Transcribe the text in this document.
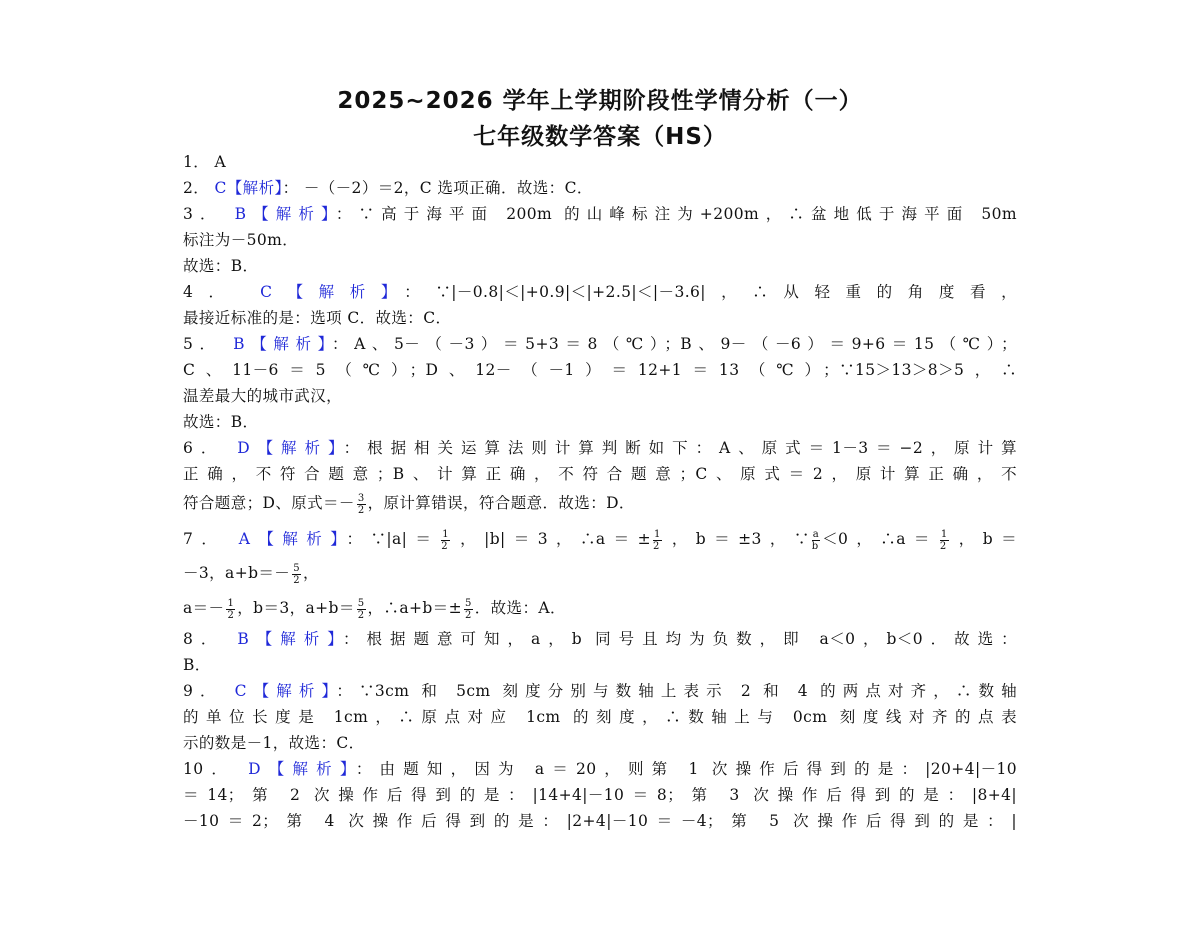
2025~2026 学年上学期阶段性学情分析（一）
七年级数学答案（HS）
1． A
2． C【解析】： －（－2）＝2，C 选项正确．故选：C．
3． B【解析】：∵高于海平面 200m 的山峰标注为+200m，∴盆地低于海平面 50m
标注为－50m．
故选：B．
4． C【解析】：∵|－0.8|＜|+0.9|＜|+2.5|＜|－3.6|，∴从轻重的角度看，
最接近标准的是：选项 C．故选：C．
5． B【解析】：A、5－（－3）＝5+3＝8（℃）；B、9－（－6）＝9+6＝15（℃）；
C、11－6＝5（℃）；D、12－（－1）＝12+1＝13（℃）；∵15＞13＞8＞5，∴
温差最大的城市武汉，
故选：B．
6． D【解析】：根据相关运算法则计算判断如下：A、原式＝1－3＝−2，原计算
正确，不符合题意；B、计算正确，不符合题意；C、原式＝2，原计算正确，不
符合题意；D、原式＝－ $\frac{3}{2}$ ，原计算错误，符合题意．故选：D．
7． A【解析】：∵|a|＝ $\frac{1}{2}$ ，|b|＝3，∴a＝± $\frac{1}{2}$ ，b＝±3，∵ $\frac{a}{b} <0$，∴a＝ $\frac{1}{2}$ ，b＝
－3，$a+b=- \frac{5}{2}$ ，
$a=- \frac{1}{2}$ ，b＝3，$a+b= \frac{5}{2}$ ，∴a+b＝± $\frac{5}{2}$ ．故选：A．
8． B【解析】：根据题意可知，a，b 同号且均为负数，即 a＜0，b＜0．故选：
B．
9． C【解析】：∵3cm 和 5cm 刻度分别与数轴上表示 2 和 4 的两点对齐，∴数轴
的单位长度是 1cm，∴原点对应 1cm 的刻度，∴数轴上与 0cm 刻度线对齐的点表
示的数是－1，故选：C．
10． D【解析】：由题知，因为 a＝20，则第 1 次操作后得到的是：|20+4|－10
＝14；第 2 次操作后得到的是：|14+4|－10＝8；第 3 次操作后得到的是：|8+4|
－10＝2；第 4 次操作后得到的是：|2+4|－10＝－4；第 5 次操作后得到的是：|
